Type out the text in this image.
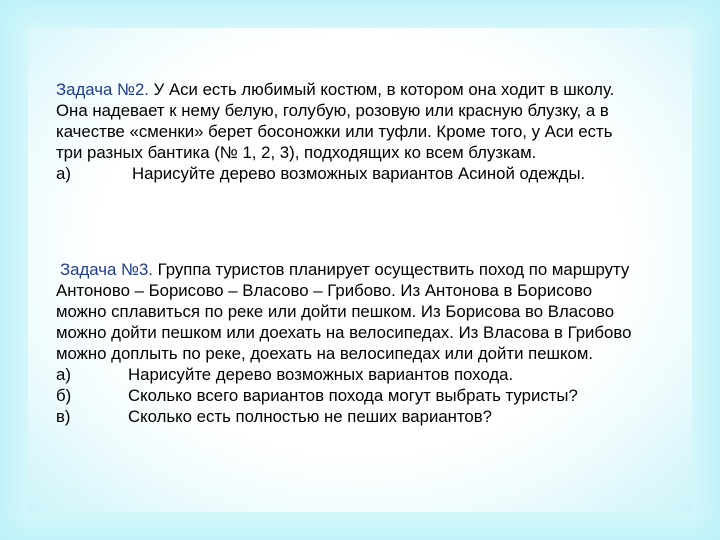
Задача №2. У Аси есть любимый костюм, в котором она ходит в школу.
Она надевает к нему белую, голубую, розовую или красную блузку, а в
качестве «сменки» берет босоножки или туфли. Кроме того, у Аси есть
три разных бантика (№ 1, 2, 3), подходящих ко всем блузкам.
а)	Нарисуйте дерево возможных вариантов Асиной одежды.
Задача №3. Группа туристов планирует осуществить поход по маршруту
Антоново – Борисово – Власово – Грибово. Из Антонова в Борисово
можно сплавиться по реке или дойти пешком. Из Борисова во Власово
можно дойти пешком или доехать на велосипедах. Из Власова в Грибово
можно доплыть по реке, доехать на велосипедах или дойти пешком.
а)	Нарисуйте дерево возможных вариантов похода.
б)	Сколько всего вариантов похода могут выбрать туристы?
в)	Сколько есть полностью не пеших вариантов?
